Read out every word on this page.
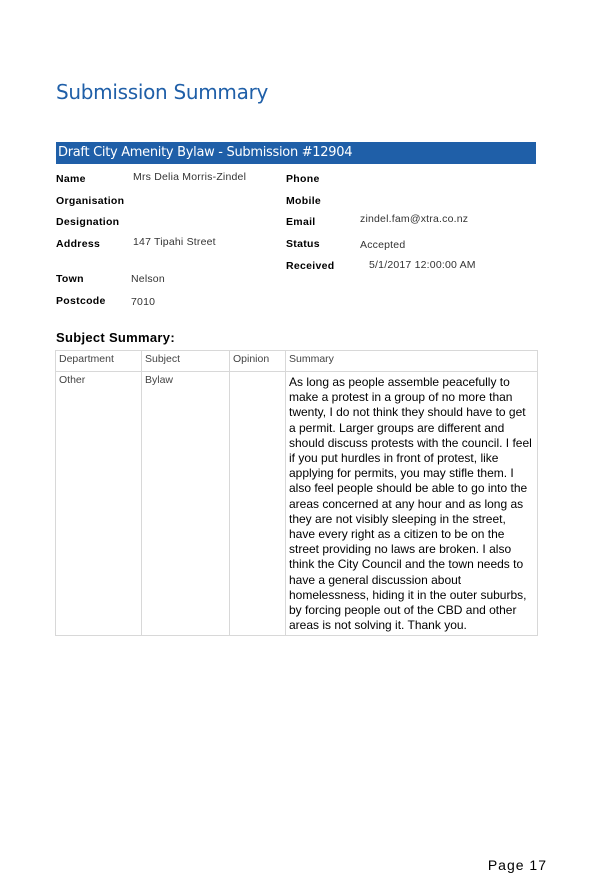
Submission Summary
Draft City Amenity Bylaw - Submission #12904
Name	Mrs Delia Morris-Zindel
Organisation
Designation
Address	147 Tipahi Street
Town	Nelson
Postcode 7010
Phone
Mobile
Email	zindel.fam@xtra.co.nz
Status	Accepted
Received	5/1/2017 12:00:00 AM
Subject Summary:
Department	Subject	Opinion	Summary
Other	Bylaw		As long as people assemble peacefully to make a protest in a group of no more than twenty, I do not think they should have to get a permit. Larger groups are different and should discuss protests with the council. I feel if you put hurdles in front of protest, like applying for permits, you may stifle them. I also feel people should be able to go into the areas concerned at any hour and as long as they are not visibly sleeping in the street, have every right as a citizen to be on the street providing no laws are broken. I also think the City Council and the town needs to have a general discussion about homelessness, hiding it in the outer suburbs, by forcing people out of the CBD and other areas is not solving it. Thank you.
Page 17
